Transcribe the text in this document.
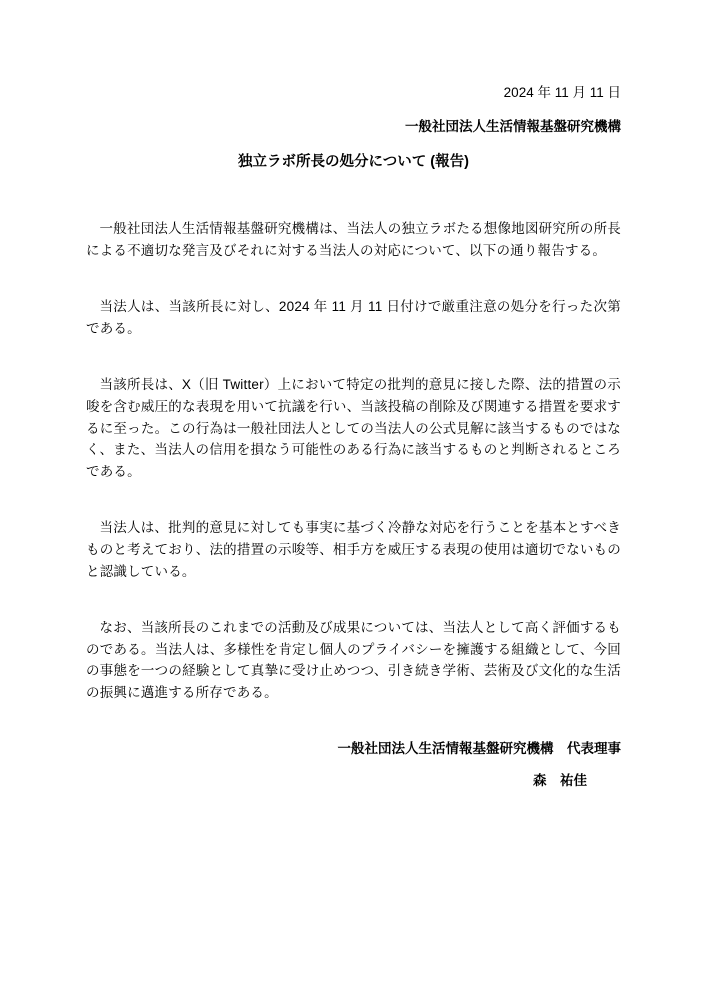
2024 年 11 月 11 日
一般社団法人生活情報基盤研究機構
独立ラボ所長の処分について (報告)

一般社団法人生活情報基盤研究機構は、当法人の独立ラボたる想像地図研究所の所長による不適切な発言及びそれに対する当法人の対応について、以下の通り報告する。

当法人は、当該所長に対し、2024 年 11 月 11 日付けで厳重注意の処分を行った次第である。

当該所長は、X（旧 Twitter）上において特定の批判的意見に接した際、法的措置の示唆を含む威圧的な表現を用いて抗議を行い、当該投稿の削除及び関連する措置を要求するに至った。この行為は一般社団法人としての当法人の公式見解に該当するものではなく、また、当法人の信用を損なう可能性のある行為に該当するものと判断されるところである。

当法人は、批判的意見に対しても事実に基づく冷静な対応を行うことを基本とすべきものと考えており、法的措置の示唆等、相手方を威圧する表現の使用は適切でないものと認識している。

なお、当該所長のこれまでの活動及び成果については、当法人として高く評価するものである。当法人は、多様性を肯定し個人のプライバシーを擁護する組織として、今回の事態を一つの経験として真摯に受け止めつつ、引き続き学術、芸術及び文化的な生活の振興に邁進する所存である。

一般社団法人生活情報基盤研究機構　代表理事
森　祐佳
